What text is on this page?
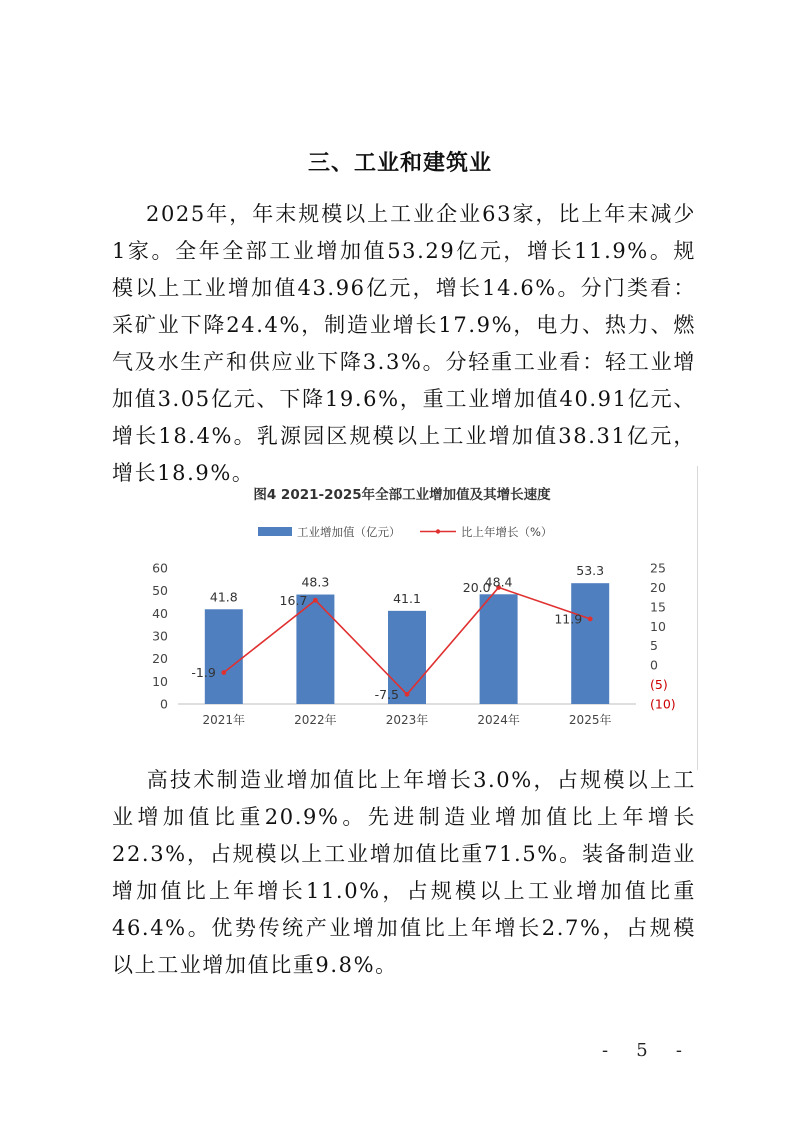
三、工业和建筑业
2025年，年末规模以上工业企业63家，比上年末减少1家。全年全部工业增加值53.29亿元，增长11.9%。规模以上工业增加值43.96亿元，增长14.6%。分门类看：采矿业下降24.4%，制造业增长17.9%，电力、热力、燃气及水生产和供应业下降3.3%。分轻重工业看：轻工业增加值3.05亿元、下降19.6%，重工业增加值40.91亿元、增长18.4%。乳源园区规模以上工业增加值38.31亿元，增长18.9%。
图4 2021-2025年全部工业增加值及其增长速度
工业增加值（亿元）	比上年增长（%）
0
10
20
30
40
50
60
(10)
(5)
0
5
10
15
20
25
2021年	2022年	2023年	2024年	2025年
41.8
48.3
41.1
48.4
53.3
-1.9
16.7
-7.5
20.0
11.9
高技术制造业增加值比上年增长3.0%，占规模以上工业增加值比重20.9%。先进制造业增加值比上年增长22.3%，占规模以上工业增加值比重71.5%。装备制造业增加值比上年增长11.0%，占规模以上工业增加值比重46.4%。优势传统产业增加值比上年增长2.7%，占规模以上工业增加值比重9.8%。
- 5 -
